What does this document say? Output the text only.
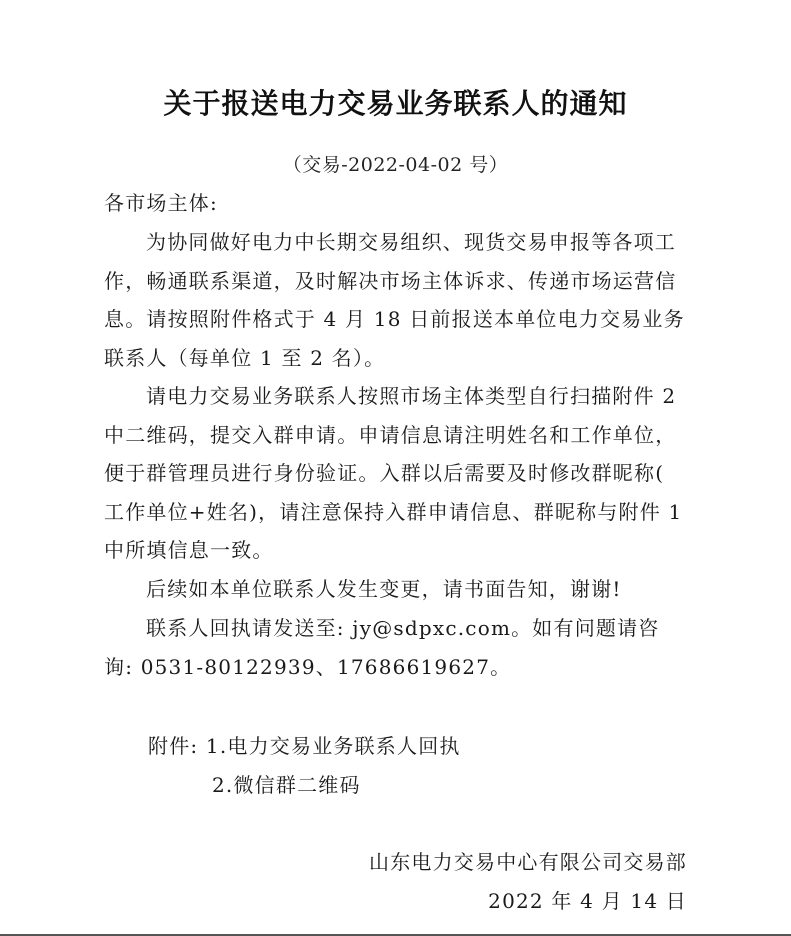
关于报送电力交易业务联系人的通知
（交易-2022-04-02 号）
各市场主体:
为协同做好电力中长期交易组织、现货交易申报等各项工作，畅通联系渠道，及时解决市场主体诉求、传递市场运营信息。请按照附件格式于 4 月 18 日前报送本单位电力交易业务联系人（每单位 1 至 2 名）。
请电力交易业务联系人按照市场主体类型自行扫描附件 2 中二维码，提交入群申请。申请信息请注明姓名和工作单位，便于群管理员进行身份验证。入群以后需要及时修改群昵称( 工作单位+姓名)，请注意保持入群申请信息、群昵称与附件 1 中所填信息一致。
后续如本单位联系人发生变更，请书面告知，谢谢!
联系人回执请发送至: jy@sdpxc.com。如有问题请咨询: 0531-80122939、17686619627。
附件: 1.电力交易业务联系人回执
2.微信群二维码
山东电力交易中心有限公司交易部
2022 年 4 月 14 日
